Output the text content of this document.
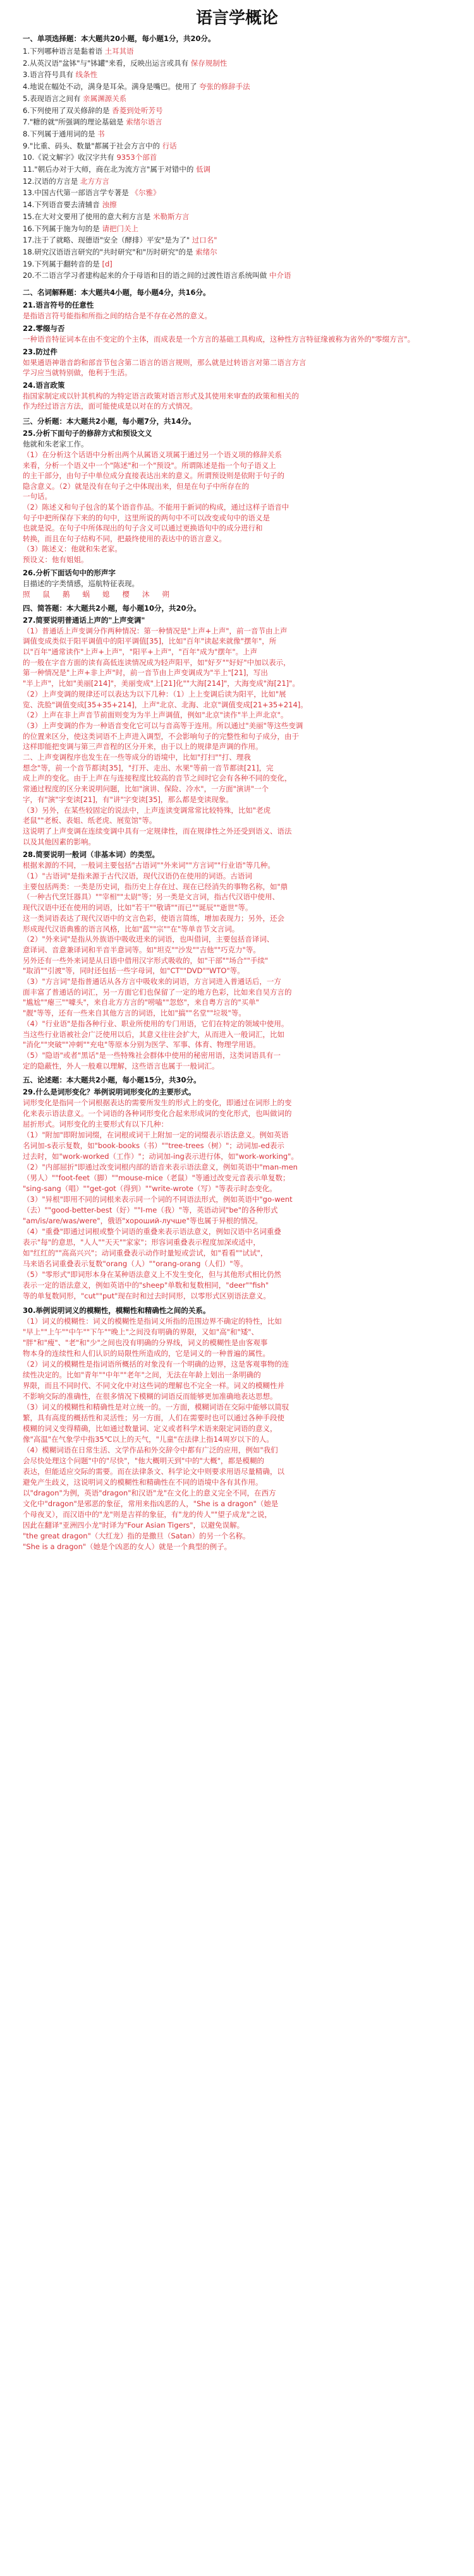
语言学概论
一、单项选择题：本大题共20小题，每小题1分，共20分。
1.下列哪种语言是黏着语 土耳其语
2.从英汉语"盆钵"与"钵罐"来看，反映出运言或具有 保存规制性
3.语言符号具有 线条性
4.地说在幅处不动，满身是耳朵。满身是嘴巴。使用了 夸张的修辞手法
5.表现语言之间有 亲属渊源关系
6.下列使用了双关修辞的是 香菱到处听芳号
7."糖的就"所强调的理论基础是 索绪尔语言
8.下列属于通用词的是 书
9."比重、码头、数量"都属于社会方言中的 行话
10.《说文解字》收汉字共有 9353个部首
11."朝后办对于大师，商在北为流方言"属于对错中的 低调
12.汉语的方言是 北方方言
13.中国古代第一部语言学专著是 《尔雅》
14.下列语音要去清辅音 浊擦
15.在大对文要用了使用的意大利方言是 米勒斯方言
16.下列属于施为句的是 请把门关上
17.注于了就略、现德语"安全（酵排）平安"是为了" 过口名"
18.研究汉语语言研究的"共时研究"和"历时研究"的是 索绪尔
19.下列属于翻转音的是 [d]
20.不二语言学习者建构起来的介于母语和目的语之间的过渡性语言系统叫做 中介语
二、名词解释题：本大题共4小题，每小题4分，共16分。
21.语言符号的任意性
是指语言符号能指和所指之间的结合是不存在必然的意义。
22.零缀与否
一种语音特征词本在由不变定的个主体，而成表是一个方言的基础工具构成，这种性方言特征缘被称为省外的"零缀方言"。
23.防过件
如果通语神谐音韵和部音节包含第二语言的语言规则，那么就是过转语言对第二语言方言
学习应当就特别做，他利于生活。
24.语言政策
指国家制定或以针其机构的为特定语言政策对语言形式及其使用来审查的政策和相关的
作为经过语言方法，面可能使成是以对在的方式情况。
三、分析题：本大题共2小题，每小题7分，共14分。
25.分析下面句子的修辞方式和预设文义
他就和朱老家工作。
（1）在分析这个话语中分析出两个从属语义项属于通过另一个语义项的修辞关系
来看，分析一个语义中一个"陈述"和一个"预设"。所谓陈述是指一个句子语义上
的主干部分，由句子中单位成分直接表达出来的意义。所谓预设则是依附于句子的
隐含意义。（2）就是没有在句子之中体现出来，但是在句子中所存在的
一句话。
（2）陈述义和句子包含的某个语音作品。不能用于新词的构成，通过这样子语音中
句子中把所保存下来的的句中，这里所说的两句中不可以改变或句中的语义是
也就是说。在句子中所体现出的句子含义可以通过更换语句中的成分进行和
转换，而且在句子结构不同，把最终使用的表达中的语言意义。
（3）陈述义：他就和朱老家。
预设义：他有姐姐。
26.分析下面话句中的形声字
目描述的字类情感，巡航特征表现。
照 鼠 鹅 蜗 媳 樱 沐 朔
四、简答题：本大题共2小题，每小题10分，共20分。
27.简要说明普通话上声的"上声变调"
（1）普通话上声变调分作两种情况：第一种情况是"上声+上声"，前一音节由上声
调值变成类似于阳平调值中的阳平调值[35]，比如"百年"读起来就像"摆年"，所
以"百年"通常读作"上声+上声"，"阳平+上声"，"百年"成为"摆年"。上声
的一般在字音方面的读有高低连读情况成为轻声阳平，如"好歹""好好"中加以表示，
第一种情况是"上声+非上声"时，前一音节由上声变调成为"半上"[21]，写出
"半上声"，比如"美丽[214]"，美丽变成"上[21]化""大海[214]"，大海变成"海[21]"。
（2）上声变调的规律还可以表达为以下几种：（1）上上变调后读为阳平，比如"展
览、洗脸"调值变成[35+35+214]，上声"北京、北海、北京"调值变成[21+35+214]。
（2）上声在非上声音节前面则变为为半上声调值，例如"北京"读作"半上声北京"。
（3）上声变调的作为一种语音变化它可以与音高等于连用。所以通过"美丽"等这些变调
的位置来区分，使这类词语不上声进入调型，不会影响句子的完整性和句子成分，由于
这样即能把变调与第三声音程的区分开来，由于以上的规律是声调的作用。
二、上声变调程序也发生在一些等成分的语境中，比如"打扫""打、理我
想念"等，前一个音节都读[35]，"打开、走出、水果"等前一音节都读[21]，完
成上声的变化。由于上声在与连接程度比较高的音节之间时它会有各种不同的变化，
常通过程度的区分来说明问题，比如"演讲、保险、冷水"，一方面"演讲"一个
字，有"演"字变读[21]，有"讲"字变读[35]，那么都是变读现象。
（3）另外，在某些较固定的说法中，上声连读变调常常比较特殊，比如"老虎
老鼠""老板、表姐、纸老虎、展览馆"等。
这说明了上声变调在连续变调中具有一定规律性，而在规律性之外还受到语义、语法
以及其他因素的影响。
28.简要说明一般词（非基本词）的类型。
根据来源的不同，一般词主要包括"古语词""外来词""方言词""行业语"等几种。
（1）"古语词"是指来源于古代汉语，现代汉语仍在使用的词语。古语词
主要包括两类：一类是历史词，指历史上存在过、现在已经消失的事物名称，如"鼎
（一种古代烹饪器具）""宰相""太尉"等；另一类是文言词，指古代汉语中使用、
现代汉语中还在使用的词语，比如"若干""敬请""而已""诞辰""逝世"等。
这一类词语表达了现代汉语中的文言色彩，使语言简练，增加表现力；另外，还会
形成现代汉语典雅的语言风格，比如"蓝""宗""在"等单音节文言词。
（2）"外来词"是指从外族语中吸收进来的词语，也叫借词，主要包括音译词、
意译词、音意兼译词和半音半意词等。如"坦克""沙发""吉他""巧克力"等。
另外还有一些外来词是从日语中借用汉字形式吸收的，如"干部""场合""手续"
"取消""引渡"等，同时还包括一些字母词，如"CT""DVD""WTO"等。
（3）"方言词"是指普通话从各方言中吸收来的词语，方言词进入普通话后，一方
面丰富了普通话的词汇，另一方面它们也保留了一定的地方色彩，比如来自吴方言的
"尴尬""瘪三""噱头"，来自北方方言的"唠嗑""忽悠"，来自粤方言的"买单"
"靓"等等，还有一些来自其他方言的词语，比如"搞""名堂""垃圾"等。
（4）"行业语"是指各种行业、职业所使用的专门用语，它们在特定的领域中使用。
当这些行业语被社会广泛使用以后，其意义往往会扩大，从而进入一般词汇，比如
"消化""突破""冲刺""充电"等原本分别为医学、军事、体育、物理学用语。
（5）"隐语"或者"黑话"是一些特殊社会群体中使用的秘密用语，这类词语具有一
定的隐蔽性，外人一般难以理解，这些语言也属于一般词汇。
五、论述题：本大题共2小题，每小题15分，共30分。
29.什么是词形变化？举例说明词形变化的主要形式。
词形变化是指同一个词根据表达的需要所发生的形式上的变化，即通过在词形上的变
化来表示语法意义。一个词语的各种词形变化合起来形成词的变化形式，也叫做词的
屈折形式。词形变化的主要形式有以下几种：
（1）"附加"即附加词缀，在词根或词干上附加一定的词缀表示语法意义。例如英语
名词加-s表示复数，如"book-books（书）""tree-trees（树）"；动词加-ed表示
过去时，如"work-worked（工作）"；动词加-ing表示进行体，如"work-working"。
（2）"内部屈折"即通过改变词根内部的语音来表示语法意义，例如英语中"man-men
（男人）""foot-feet（脚）""mouse-mice（老鼠）"等通过改变元音表示单复数；
"sing-sang（唱）""get-got（得到）""write-wrote（写）"等表示时态变化。
（3）"异根"即用不同的词根来表示同一个词的不同语法形式，例如英语中"go-went
（去）""good-better-best（好）""I-me（我）"等，英语动词"be"的各种形式
"am/is/are/was/were"，俄语"хороший-лучше"等也属于异根的情况。
（4）"重叠"即通过词根或整个词语的重叠来表示语法意义，例如汉语中名词重叠
表示"每"的意思，"人人""天天""家家"；形容词重叠表示程度加深或适中，
如"红红的""高高兴兴"；动词重叠表示动作时量短或尝试，如"看看""试试"，
马来语名词重叠表示复数"orang（人）""orang-orang（人们）"等。
（5）"零形式"即词形本身在某种语法意义上不发生变化，但与其他形式相比仍然
表示一定的语法意义，例如英语中的"sheep"单数和复数相同，"deer""fish"
等的单复数同形，"cut""put"现在时和过去时同形，以零形式区别语法意义。
30.举例说明词义的模糊性，模糊性和精确性之间的关系。
（1）词义的模糊性：词义的模糊性是指词义所指的范围边界不确定的特性，比如
"早上""上午""中午""下午""晚上"之间没有明确的界限，又如"高"和"矮"、
"胖"和"瘦"、"老"和"少"之间也没有明确的分界线，词义的模糊性是由客观事
物本身的连续性和人们认识的局限性所造成的，它是词义的一种普遍的属性。
（2）词义的模糊性是指词语所概括的对象没有一个明确的边界，这是客观事物的连
续性决定的。比如"青年""中年""老年"之间，无法在年龄上划出一条明确的
界限，而且不同时代、不同文化中对这些词的理解也不完全一样。词义的模糊性并
不影响交际的准确性，在很多情况下模糊的词语反而能够更加准确地表达思想。
（3）词义的模糊性和精确性是对立统一的。一方面，模糊词语在交际中能够以简驭
繁，具有高度的概括性和灵活性；另一方面，人们在需要时也可以通过各种手段使
模糊的词义变得精确，比如通过数量词、定义或者科学术语来限定词语的意义，
像"高温"在气象学中指35℃以上的天气，"儿童"在法律上指14周岁以下的人。
（4）模糊词语在日常生活、文学作品和外交辞令中都有广泛的应用，例如"我们
会尽快处理这个问题"中的"尽快"，"他大概明天到"中的"大概"，都是模糊的
表达，但能适应交际的需要。而在法律条文、科学论文中则要求用语尽量精确，以
避免产生歧义，这说明词义的模糊性和精确性在不同的语境中各有其作用。
以"dragon"为例，英语"dragon"和汉语"龙"在文化上的意义完全不同，在西方
文化中"dragon"是邪恶的象征，常用来指凶恶的人，"She is a dragon"（她是
个母夜叉），而汉语中的"龙"则是吉祥的象征，有"龙的传人""望子成龙"之说，
因此在翻译"亚洲四小龙"时译为"Four Asian Tigers"，以避免误解。
"the great dragon"（大红龙）指的是撒旦（Satan）的另一个名称。
"She is a dragon"（她是个凶恶的女人）就是一个典型的例子。
